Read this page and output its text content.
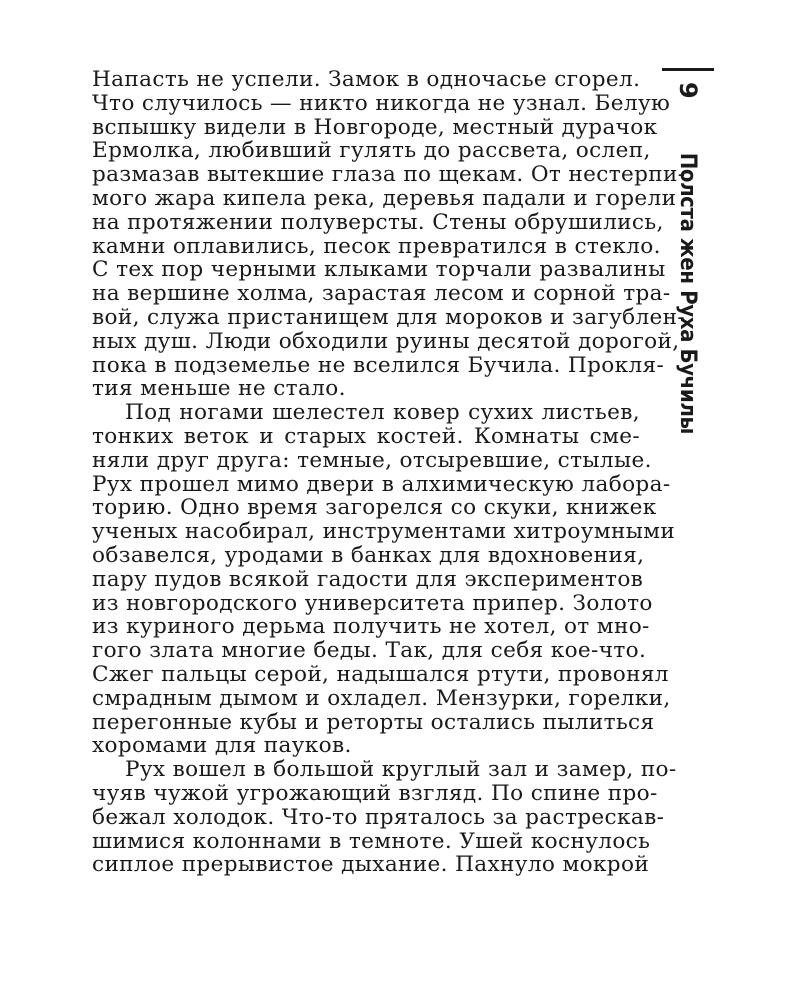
Напасть не успели. Замок в одночасье сгорел.
Что случилось — никто никогда не узнал. Белую
вспышку видели в Новгороде, местный дурачок
Ермолка, любивший гулять до рассвета, ослеп,
размазав вытекшие глаза по щекам. От нестерпи-
мого жара кипела река, деревья падали и горели
на протяжении полуверсты. Стены обрушились,
камни оплавились, песок превратился в стекло.
С тех пор черными клыками торчали развалины
на вершине холма, зарастая лесом и сорной тра-
вой, служа пристанищем для мороков и загублен-
ных душ. Люди обходили руины десятой дорогой,
пока в подземелье не вселился Бучила. Прокля-
тия меньше не стало.
Под ногами шелестел ковер сухих листьев,
тонких веток и старых костей. Комнаты сме-
няли друг друга: темные, отсыревшие, стылые.
Рух прошел мимо двери в алхимическую лабора-
торию. Одно время загорелся со скуки, книжек
ученых насобирал, инструментами хитроумными
обзавелся, уродами в банках для вдохновения,
пару пудов всякой гадости для экспериментов
из новгородского университета припер. Золото
из куриного дерьма получить не хотел, от мно-
гого злата многие беды. Так, для себя кое-что.
Сжег пальцы серой, надышался ртути, провонял
смрадным дымом и охладел. Мензурки, горелки,
перегонные кубы и реторты остались пылиться
хоромами для пауков.
Рух вошел в большой круглый зал и замер, по-
чуяв чужой угрожающий взгляд. По спине про-
бежал холодок. Что-то пряталось за растрескав-
шимися колоннами в темноте. Ушей коснулось
сиплое прерывистое дыхание. Пахнуло мокрой
9
Полста жен Руха Бучилы
